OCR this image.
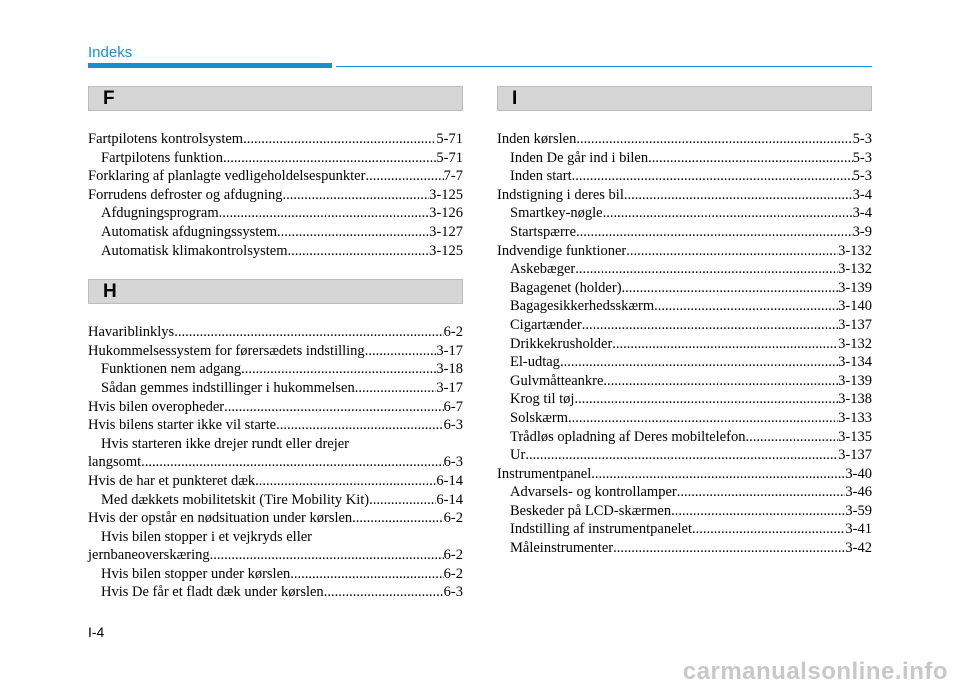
Indeks
F
Fartpilotens kontrolsystem .....	5-71
Fartpilotens funktion .....	5-71
Forklaring af planlagte vedligeholdelsespunkter .....	7-7
Forrudens defroster og afdugning .....	3-125
Afdugningsprogram .....	3-126
Automatisk afdugningssystem .....	3-127
Automatisk klimakontrolsystem .....	3-125
H
Havariblinklys .....	6-2
Hukommelsessystem for førersædets indstilling .....	3-17
Funktionen nem adgang .....	3-18
Sådan gemmes indstillinger i hukommelsen .....	3-17
Hvis bilen overopheder .....	6-7
Hvis bilens starter ikke vil starte .....	6-3
Hvis starteren ikke drejer rundt eller drejer
langsomt .....	6-3
Hvis de har et punkteret dæk .....	6-14
Med dækkets mobilitetskit (Tire Mobility Kit) .....	6-14
Hvis der opstår en nødsituation under kørslen .....	6-2
Hvis bilen stopper i et vejkryds eller
jernbaneoverskæring .....	6-2
Hvis bilen stopper under kørslen .....	6-2
Hvis De får et fladt dæk under kørslen .....	6-3
I
Inden kørslen .....	5-3
Inden De går ind i bilen .....	5-3
Inden start .....	5-3
Indstigning i deres bil .....	3-4
Smartkey-nøgle .....	3-4
Startspærre .....	3-9
Indvendige funktioner .....	3-132
Askebæger .....	3-132
Bagagenet (holder) .....	3-139
Bagagesikkerhedsskærm .....	3-140
Cigartænder .....	3-137
Drikkekrusholder .....	3-132
El-udtag .....	3-134
Gulvmåtteankre .....	3-139
Krog til tøj .....	3-138
Solskærm .....	3-133
Trådløs opladning af Deres mobiltelefon .....	3-135
Ur .....	3-137
Instrumentpanel .....	3-40
Advarsels- og kontrollamper .....	3-46
Beskeder på LCD-skærmen .....	3-59
Indstilling af instrumentpanelet .....	3-41
Måleinstrumenter .....	3-42
I-4
carmanualsonline.info
